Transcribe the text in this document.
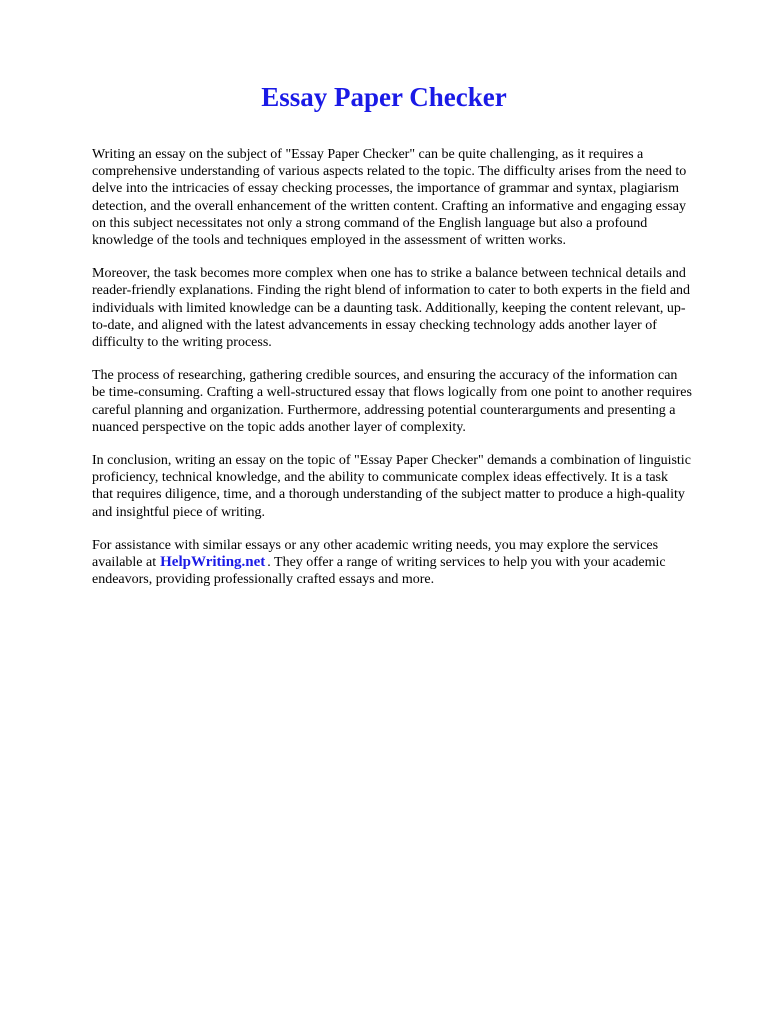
Essay Paper Checker

Writing an essay on the subject of "Essay Paper Checker" can be quite challenging, as it requires a comprehensive understanding of various aspects related to the topic. The difficulty arises from the need to delve into the intricacies of essay checking processes, the importance of grammar and syntax, plagiarism detection, and the overall enhancement of the written content. Crafting an informative and engaging essay on this subject necessitates not only a strong command of the English language but also a profound knowledge of the tools and techniques employed in the assessment of written works.

Moreover, the task becomes more complex when one has to strike a balance between technical details and reader-friendly explanations. Finding the right blend of information to cater to both experts in the field and individuals with limited knowledge can be a daunting task. Additionally, keeping the content relevant, up-to-date, and aligned with the latest advancements in essay checking technology adds another layer of difficulty to the writing process.

The process of researching, gathering credible sources, and ensuring the accuracy of the information can be time-consuming. Crafting a well-structured essay that flows logically from one point to another requires careful planning and organization. Furthermore, addressing potential counterarguments and presenting a nuanced perspective on the topic adds another layer of complexity.

In conclusion, writing an essay on the topic of "Essay Paper Checker" demands a combination of linguistic proficiency, technical knowledge, and the ability to communicate complex ideas effectively. It is a task that requires diligence, time, and a thorough understanding of the subject matter to produce a high-quality and insightful piece of writing.

For assistance with similar essays or any other academic writing needs, you may explore the services available at HelpWriting.net . They offer a range of writing services to help you with your academic endeavors, providing professionally crafted essays and more.
